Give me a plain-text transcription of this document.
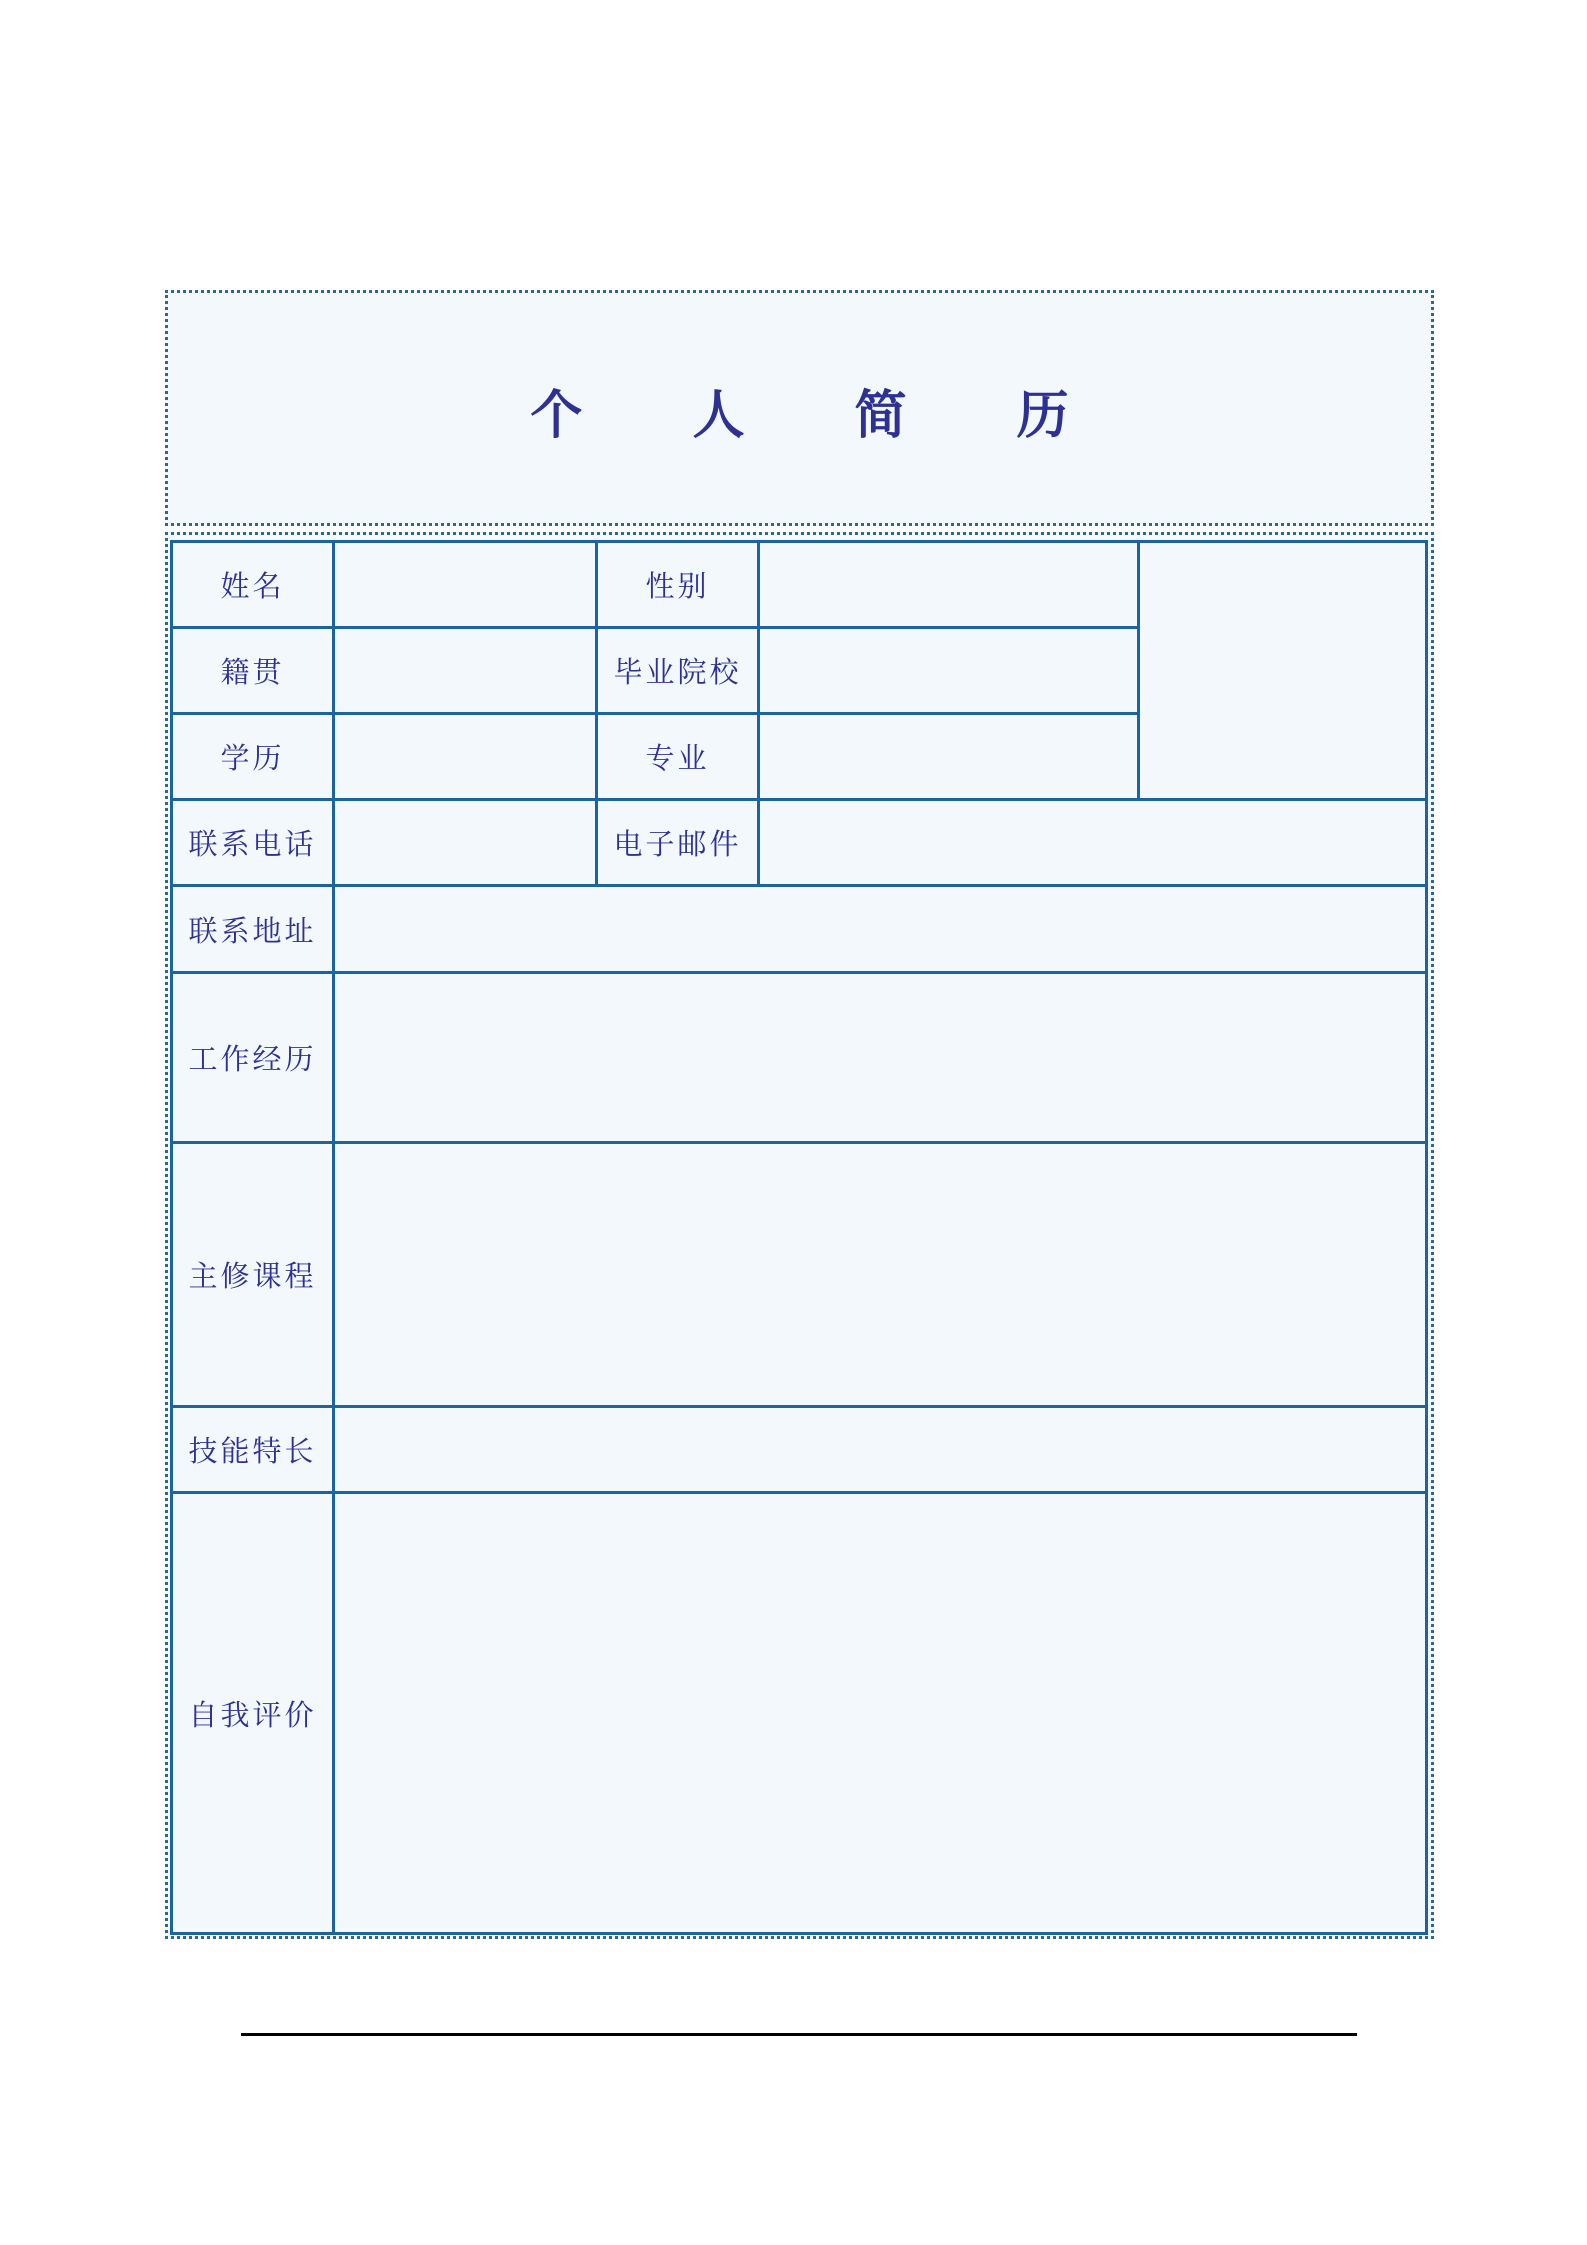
个 人 简 历
姓名	性别
籍贯	毕业院校
学历	专业
联系电话	电子邮件
联系地址
工作经历
主修课程
技能特长
自我评价
